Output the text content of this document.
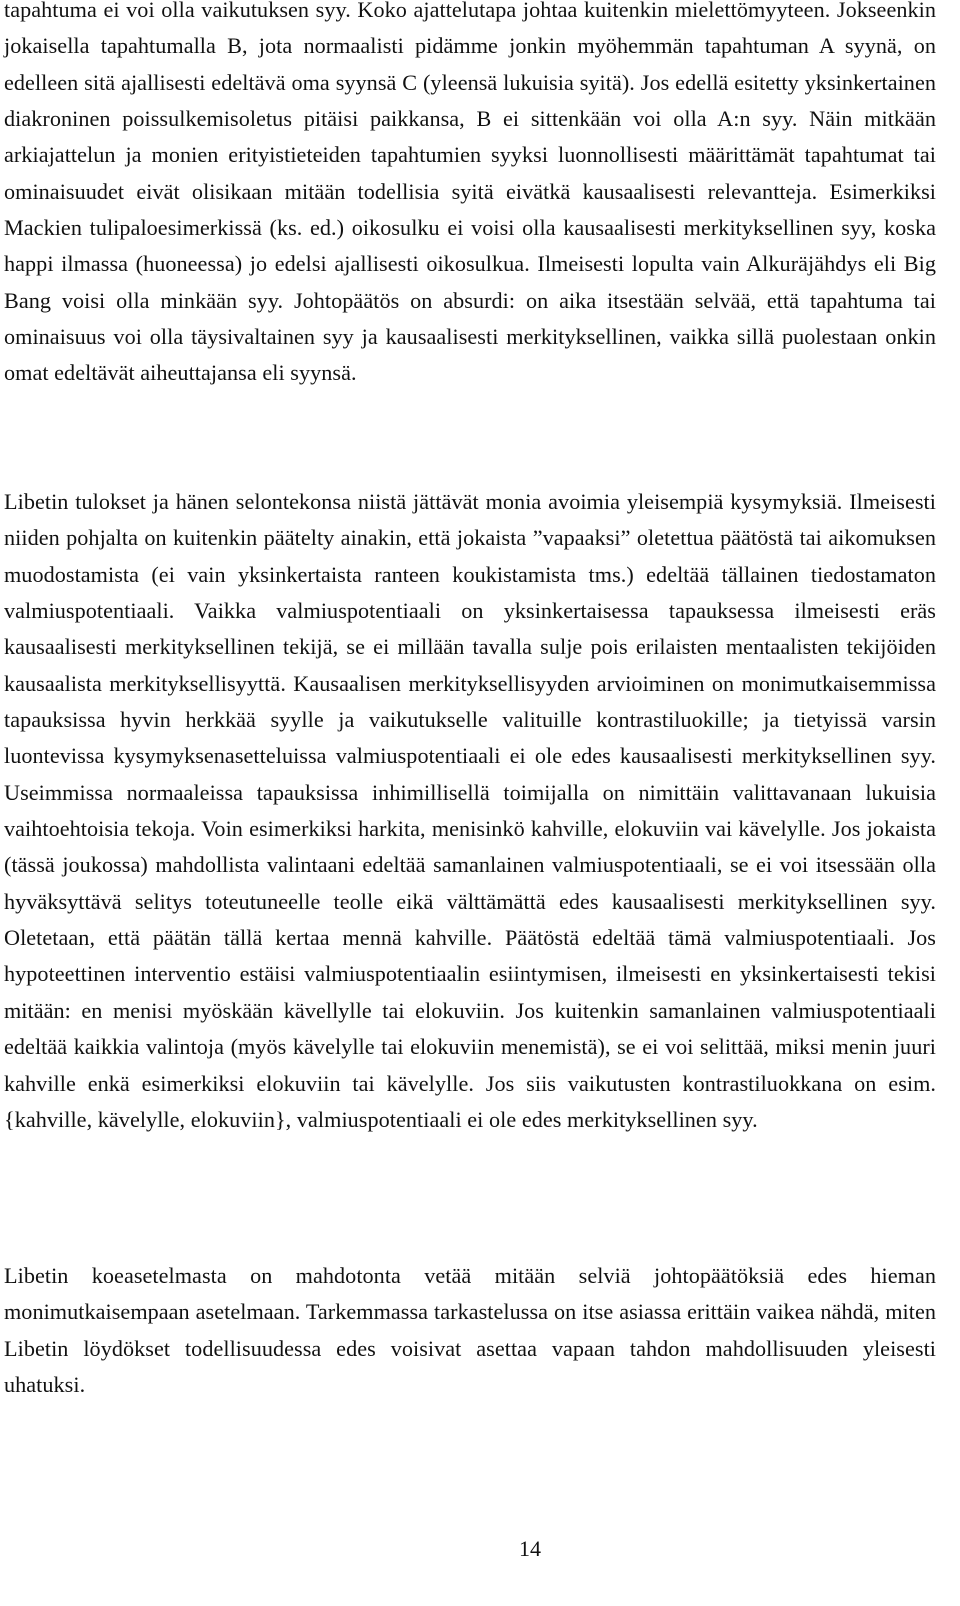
tapahtuma ei voi olla vaikutuksen syy. Koko ajattelutapa johtaa kuitenkin mielettömyyteen. Jokseenkin jokaisella tapahtumalla B, jota normaalisti pidämme jonkin myöhemmän tapahtuman A syynä, on edelleen sitä ajallisesti edeltävä oma syynsä C (yleensä lukuisia syitä). Jos edellä esitetty yksinkertainen diakroninen poissulkemisoletus pitäisi paikkansa, B ei sittenkään voi olla A:n syy. Näin mitkään arkiajattelun ja monien erityistieteiden tapahtumien syyksi luonnollisesti määrittämät tapahtumat tai ominaisuudet eivät olisikaan mitään todellisia syitä eivätkä kausaalisesti relevantteja. Esimerkiksi Mackien tulipaloesimerkissä (ks. ed.) oikosulku ei voisi olla kausaalisesti merkityksellinen syy, koska happi ilmassa (huoneessa) jo edelsi ajallisesti oikosulkua. Ilmeisesti lopulta vain Alkuräjähdys eli Big Bang voisi olla minkään syy. Johtopäätös on absurdi: on aika itsestään selvää, että tapahtuma tai ominaisuus voi olla täysivaltainen syy ja kausaalisesti merkityksellinen, vaikka sillä puolestaan onkin omat edeltävät aiheuttajansa eli syynsä.

Libetin tulokset ja hänen selontekonsa niistä jättävät monia avoimia yleisempiä kysymyksiä. Ilmeisesti niiden pohjalta on kuitenkin päätelty ainakin, että jokaista ”vapaaksi” oletettua päätöstä tai aikomuksen muodostamista (ei vain yksinkertaista ranteen koukistamista tms.) edeltää tällainen tiedostamaton valmiuspotentiaali. Vaikka valmiuspotentiaali on yksinkertaisessa tapauksessa ilmeisesti eräs kausaalisesti merkityksellinen tekijä, se ei millään tavalla sulje pois erilaisten mentaalisten tekijöiden kausaalista merkityksellisyyttä. Kausaalisen merkityksellisyyden arvioiminen on monimutkaisemmissa tapauksissa hyvin herkkää syylle ja vaikutukselle valituille kontrastiluokille; ja tietyissä varsin luontevissa kysymyksenasetteluissa valmiuspotentiaali ei ole edes kausaalisesti merkityksellinen syy. Useimmissa normaaleissa tapauksissa inhimillisellä toimijalla on nimittäin valittavanaan lukuisia vaihtoehtoisia tekoja. Voin esimerkiksi harkita, menisinkö kahville, elokuviin vai kävelylle. Jos jokaista (tässä joukossa) mahdollista valintaani edeltää samanlainen valmiuspotentiaali, se ei voi itsessään olla hyväksyttävä selitys toteutuneelle teolle eikä välttämättä edes kausaalisesti merkityksellinen syy. Oletetaan, että päätän tällä kertaa mennä kahville. Päätöstä edeltää tämä valmiuspotentiaali. Jos hypoteettinen interventio estäisi valmiuspotentiaalin esiintymisen, ilmeisesti en yksinkertaisesti tekisi mitään: en menisi myöskään kävellylle tai elokuviin. Jos kuitenkin samanlainen valmiuspotentiaali edeltää kaikkia valintoja (myös kävelylle tai elokuviin menemistä), se ei voi selittää, miksi menin juuri kahville enkä esimerkiksi elokuviin tai kävelylle. Jos siis vaikutusten kontrastiluokkana on esim. {kahville, kävelylle, elokuviin}, valmiuspotentiaali ei ole edes merkityksellinen syy.

Libetin koeasetelmasta on mahdotonta vetää mitään selviä johtopäätöksiä edes hieman monimutkaisempaan asetelmaan. Tarkemmassa tarkastelussa on itse asiassa erittäin vaikea nähdä, miten Libetin löydökset todellisuudessa edes voisivat asettaa vapaan tahdon mahdollisuuden yleisesti uhatuksi.

14
